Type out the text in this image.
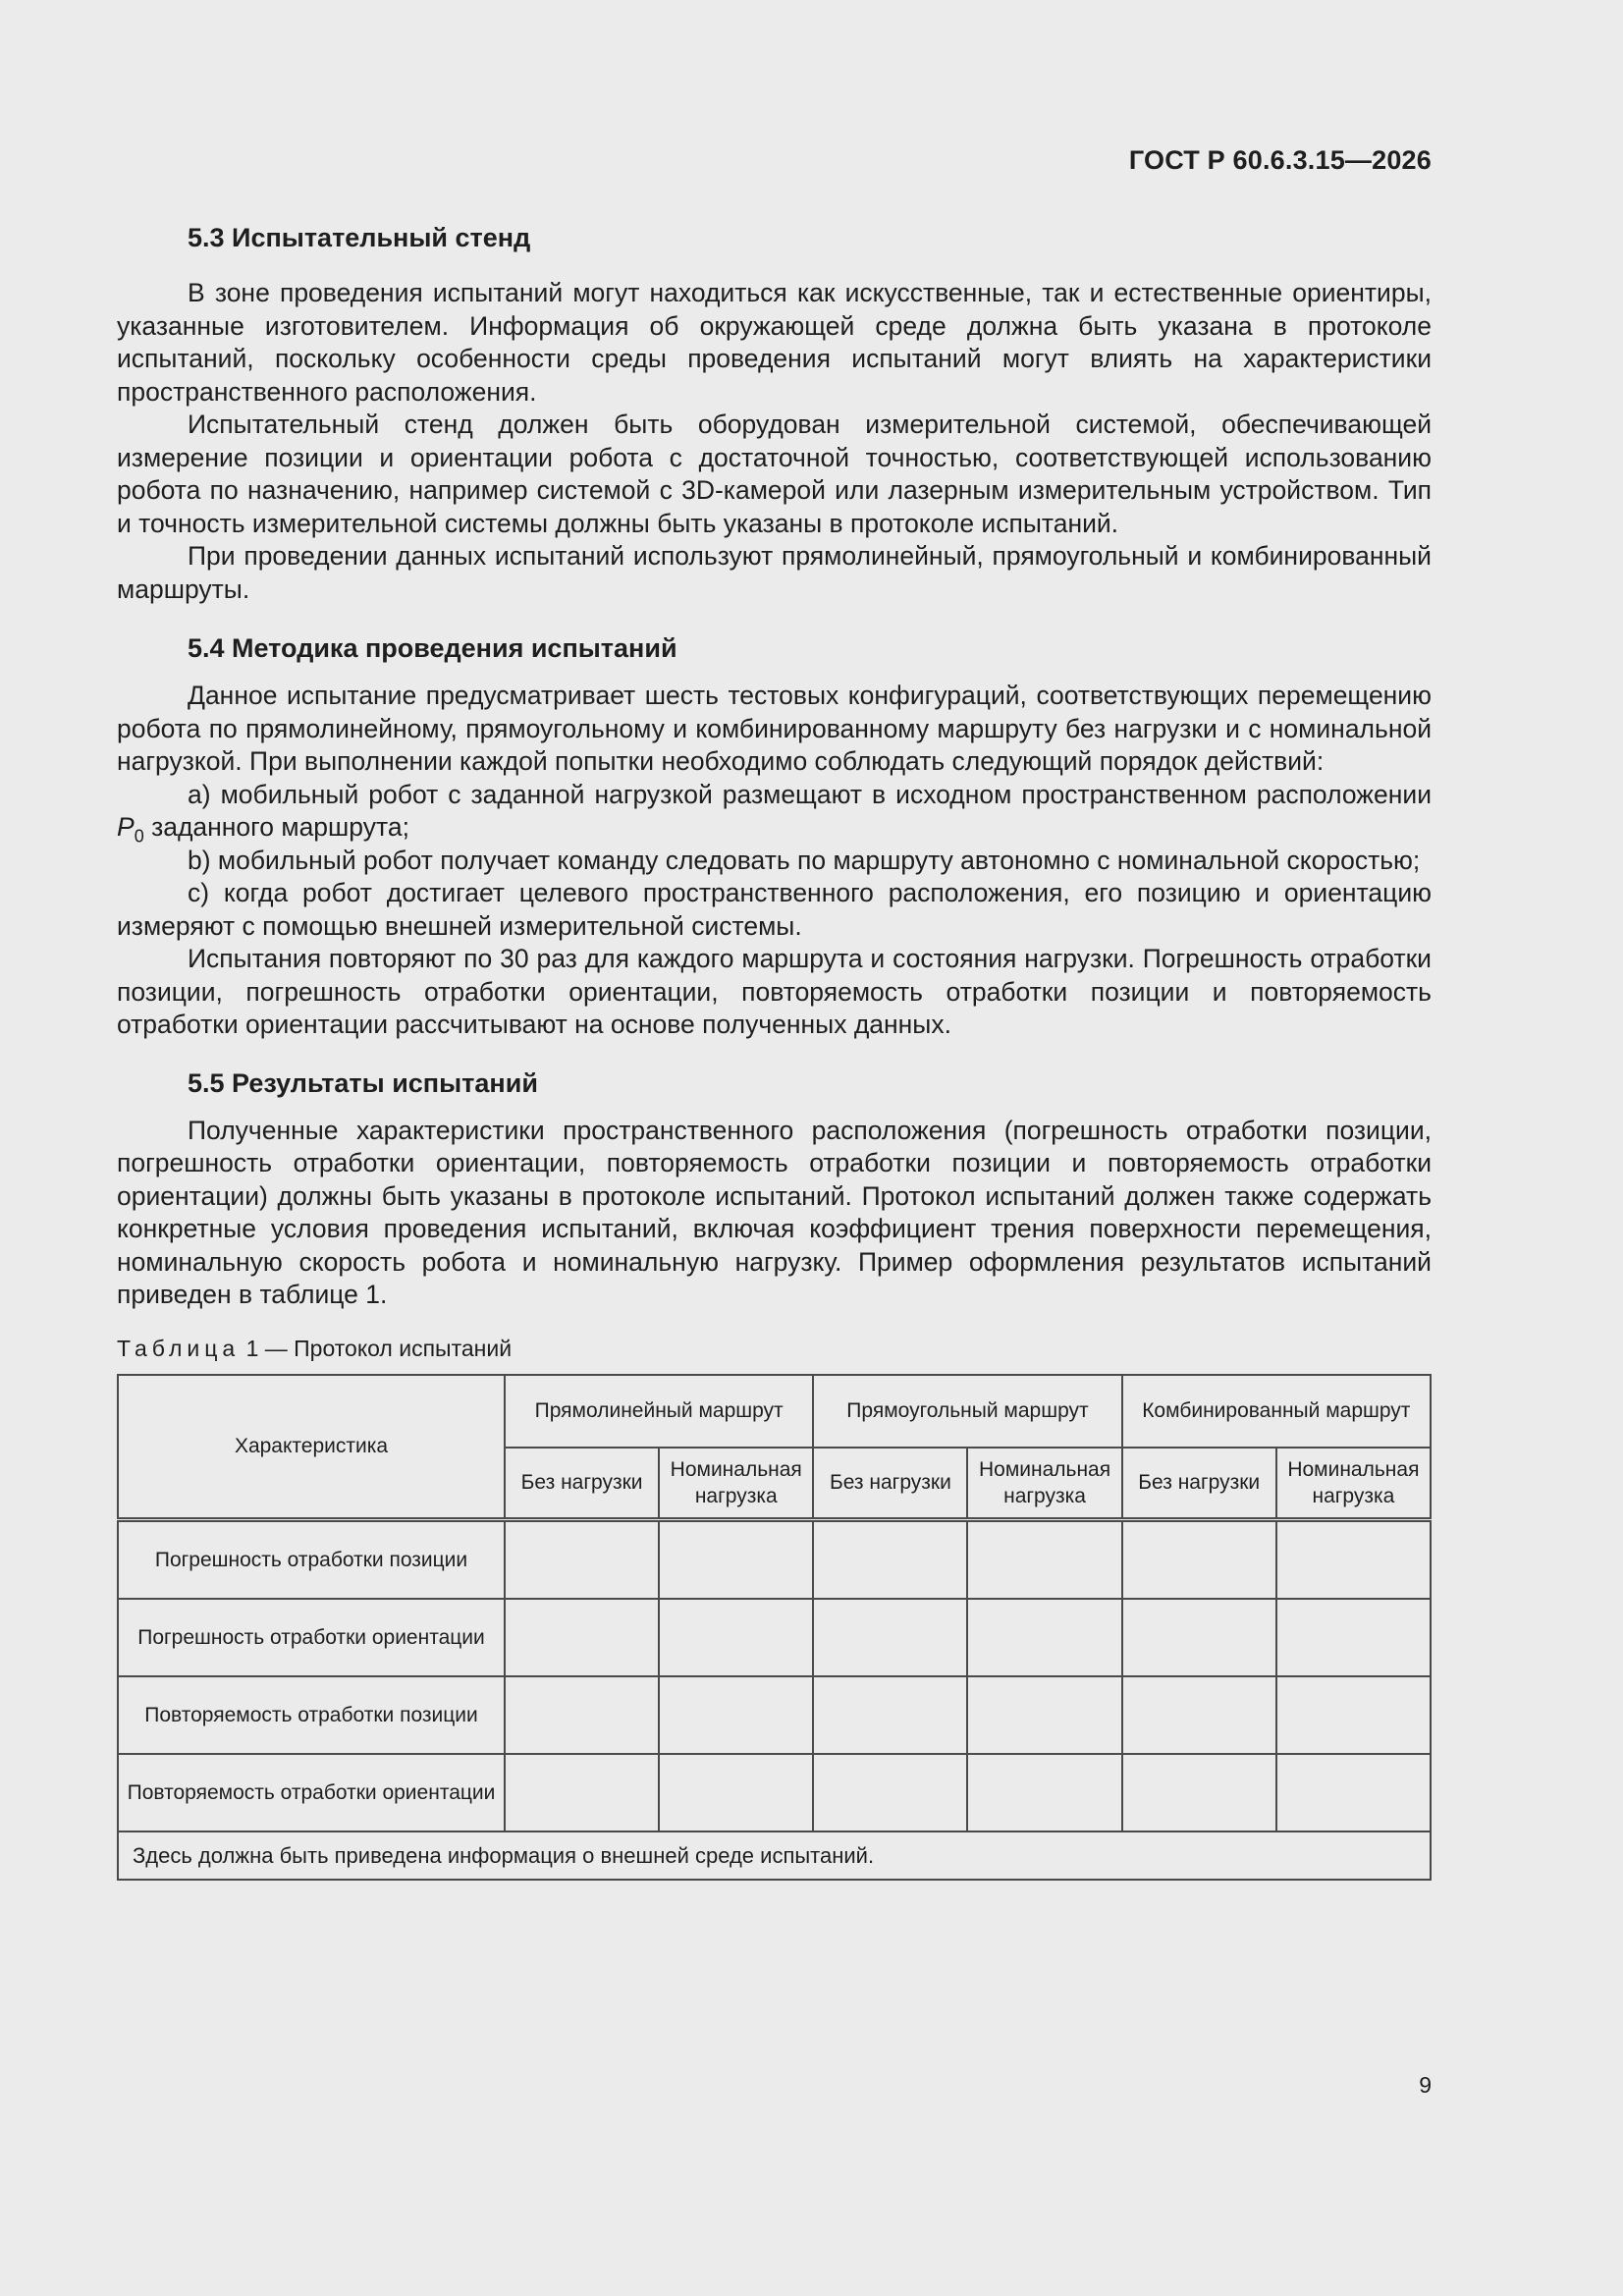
ГОСТ Р 60.6.3.15—2026
5.3 Испытательный стенд

В зоне проведения испытаний могут находиться как искусственные, так и естественные ориентиры, указанные изготовителем. Информация об окружающей среде должна быть указана в протоколе испытаний, поскольку особенности среды проведения испытаний могут влиять на характеристики пространственного расположения.

Испытательный стенд должен быть оборудован измерительной системой, обеспечивающей измерение позиции и ориентации робота с достаточной точностью, соответствующей использованию робота по назначению, например системой с 3D-камерой или лазерным измерительным устройством. Тип и точность измерительной системы должны быть указаны в протоколе испытаний.

При проведении данных испытаний используют прямолинейный, прямоугольный и комбинированный маршруты.

5.4 Методика проведения испытаний

Данное испытание предусматривает шесть тестовых конфигураций, соответствующих перемещению робота по прямолинейному, прямоугольному и комбинированному маршруту без нагрузки и с номинальной нагрузкой. При выполнении каждой попытки необходимо соблюдать следующий порядок действий:

а) мобильный робот с заданной нагрузкой размещают в исходном пространственном расположении $P_0$ заданного маршрута;

b) мобильный робот получает команду следовать по маршруту автономно с номинальной скоростью;

c) когда робот достигает целевого пространственного расположения, его позицию и ориентацию измеряют с помощью внешней измерительной системы.

Испытания повторяют по 30 раз для каждого маршрута и состояния нагрузки. Погрешность отработки позиции, погрешность отработки ориентации, повторяемость отработки позиции и повторяемость отработки ориентации рассчитывают на основе полученных данных.

5.5 Результаты испытаний

Полученные характеристики пространственного расположения (погрешность отработки позиции, погрешность отработки ориентации, повторяемость отработки позиции и повторяемость отработки ориентации) должны быть указаны в протоколе испытаний. Протокол испытаний должен также содержать конкретные условия проведения испытаний, включая коэффициент трения поверхности перемещения, номинальную скорость робота и номинальную нагрузку. Пример оформления результатов испытаний приведен в таблице 1.

Таблица 1 — Протокол испытаний
Характеристика	Прямолинейный маршрут		Прямоугольный маршрут		Комбинированный маршрут	
	Без нагрузки	Номинальная нагрузка	Без нагрузки	Номинальная нагрузка	Без нагрузки	Номинальная нагрузка
Погрешность отработки позиции						
Погрешность отработки ориентации						
Повторяемость отработки позиции						
Повторяемость отработки ориентации						
Здесь должна быть приведена информация о внешней среде испытаний.						
9
